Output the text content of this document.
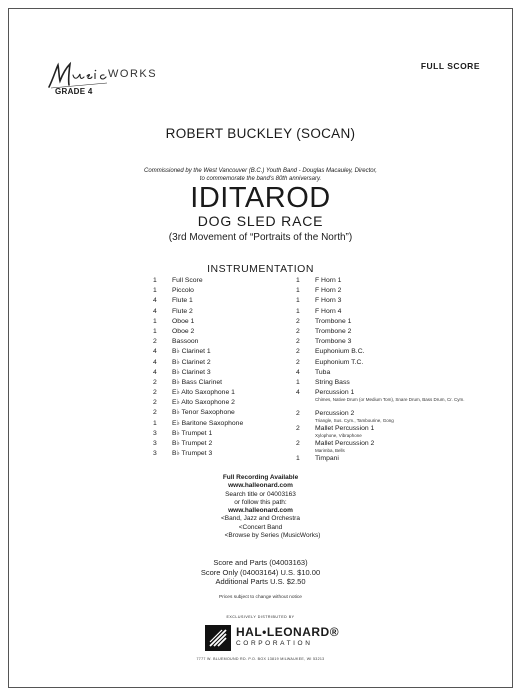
WORKS
GRADE 4
FULL SCORE
ROBERT BUCKLEY (SOCAN)
Commissioned by the West Vancouver (B.C.) Youth Band - Douglas Macauley, Director,
to commemorate the band's 80th anniversary.
IDITAROD
DOG SLED RACE
(3rd Movement of “Portraits of the North”)
INSTRUMENTATION
1	Full Score
1	Piccolo
4	Flute 1
4	Flute 2
1	Oboe 1
1	Oboe 2
2	Bassoon
4	B♭ Clarinet 1
4	B♭ Clarinet 2
4	B♭ Clarinet 3
2	B♭ Bass Clarinet
2	E♭ Alto Saxophone 1
2	E♭ Alto Saxophone 2
2	B♭ Tenor Saxophone
1	E♭ Baritone Saxophone
3	B♭ Trumpet 1
3	B♭ Trumpet 2
3	B♭ Trumpet 3
1	F Horn 1
1	F Horn 2
1	F Horn 3
1	F Horn 4
2	Trombone 1
2	Trombone 2
2	Trombone 3
2	Euphonium B.C.
2	Euphonium T.C.
4	Tuba
1	String Bass
4	Percussion 1
Chimes, Native Drum (or Medium Tom), Snare Drum, Bass Drum, Cr. Cym.
2	Percussion 2
Triangle, Sus. Cym., Tambourine, Gong
2	Mallet Percussion 1
Xylophone, Vibraphone
2	Mallet Percussion 2
Marimba, Bells
1	Timpani
Full Recording Available
www.halleonard.com
Search title or 04003163
or follow this path:
www.halleonard.com
<Band, Jazz and Orchestra
<Concert Band
<Browse by Series (MusicWorks)
Score and Parts (04003163)
Score Only (04003164) U.S. $10.00
Additional Parts U.S. $2.50
Prices subject to change without notice
EXCLUSIVELY DISTRIBUTED BY
HAL•LEONARD®
CORPORATION
7777 W. BLUEMOUND RD. P.O. BOX 13819 MILWAUKEE, WI 53213
